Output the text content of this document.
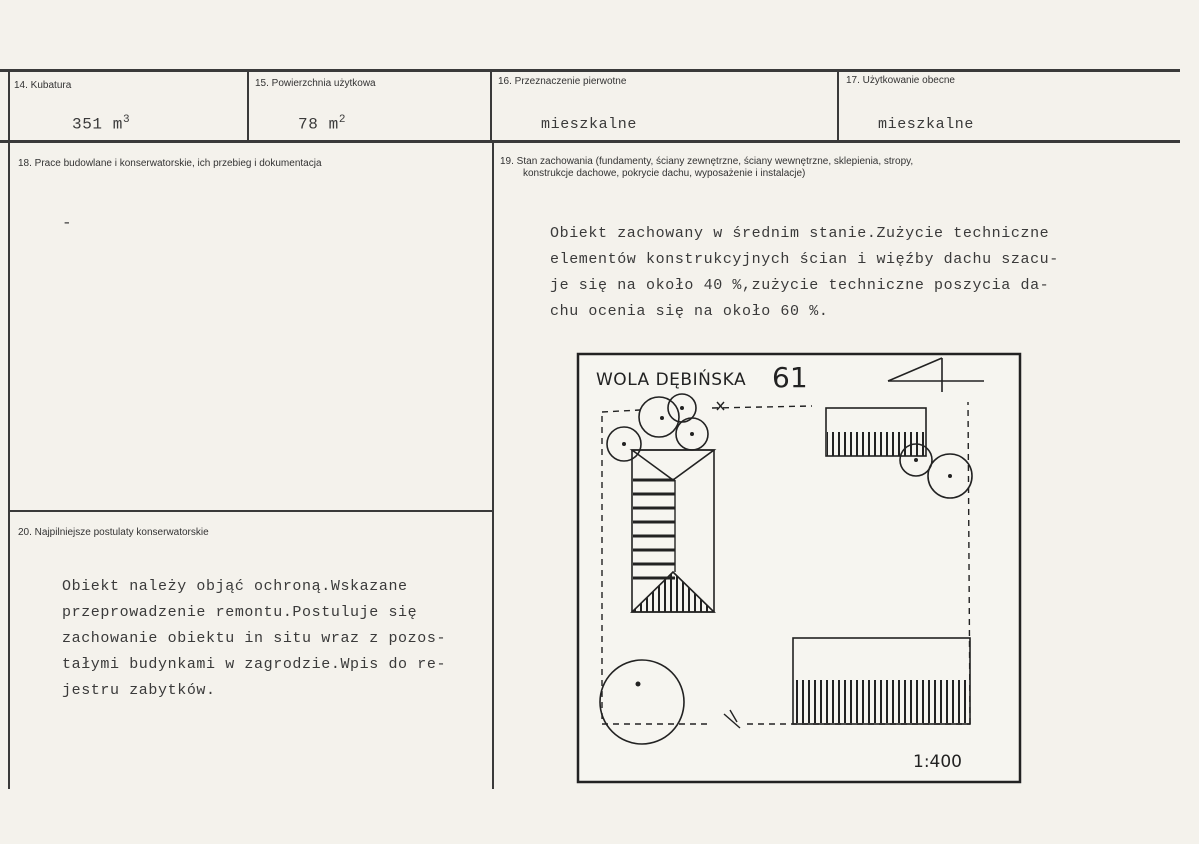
14. Kubatura
351 $m^3$
15. Powierzchnia użytkowa
78 $m^2$
16. Przeznaczenie pierwotne
mieszkalne
17. Użytkowanie obecne
mieszkalne
18. Prace budowlane i konserwatorskie, ich przebieg i dokumentacja
-
19. Stan zachowania (fundamenty, ściany zewnętrzne, ściany wewnętrzne, sklepienia, stropy,
konstrukcje dachowe, pokrycie dachu, wyposażenie i instalacje)
Obiekt zachowany w średnim stanie.Zużycie techniczne
elementów konstrukcyjnych ścian i więźby dachu szacu-
je się na około 40 %,zużycie techniczne poszycia da-
chu ocenia się na około 60 %.
20. Najpilniejsze postulaty konserwatorskie
Obiekt należy objąć ochroną.Wskazane
przeprowadzenie remontu.Postuluje się
zachowanie obiektu in situ wraz z pozos-
tałymi budynkami w zagrodzie.Wpis do re-
jestru zabytków.
WOLA DĘBIŃSKA 61
1:400
